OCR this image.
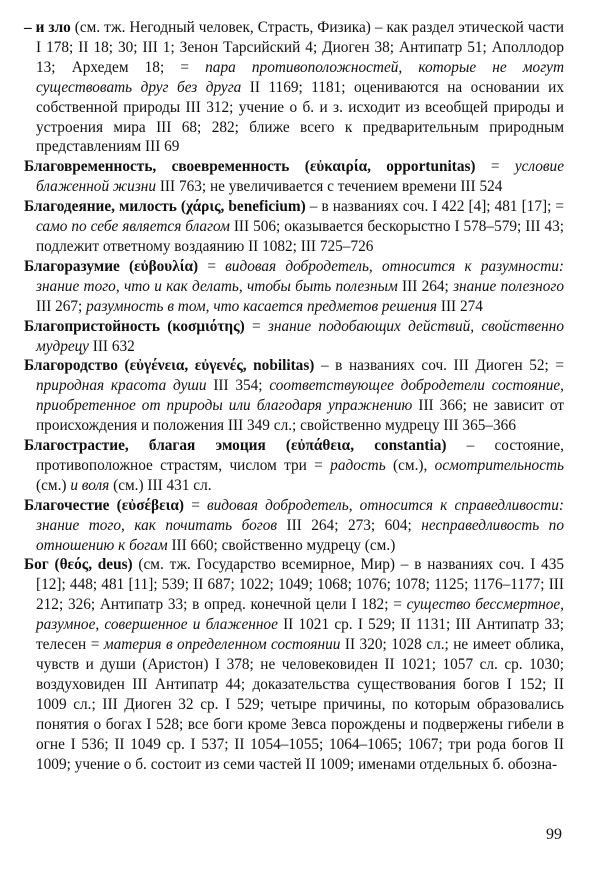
– и зло (см. тж. Негодный человек, Страсть, Физика) – как раздел этической части I 178; II 18; 30; III 1; Зенон Тарсийский 4; Диоген 38; Антипатр 51; Аполлодор 13; Архедем 18; = пара противоположностей, которые не могут существовать друг без друга II 1169; 1181; оцениваются на основании их собственной природы III 312; учение о б. и з. исходит из всеобщей природы и устроения мира III 68; 282; ближе всего к предварительным природным представлениям III 69

Благовременность, своевременность (εὐκαιρία, opportunitas) = условие блаженной жизни III 763; не увеличивается с течением времени III 524

Благодеяние, милость (χάρις, beneficium) – в названиях соч. I 422 [4]; 481 [17]; = само по себе является благом III 506; оказывается бескорыстно I 578–579; III 43; подлежит ответному воздаянию II 1082; III 725–726

Благоразумие (εὐβουλία) = видовая добродетель, относится к разумности: знание того, что и как делать, чтобы быть полезным III 264; знание полезного III 267; разумность в том, что касается предметов решения III 274

Благопристойность (κοσμιότης) = знание подобающих действий, свойственно мудрецу III 632

Благородство (εὐγένεια, εὐγενές, nobilitas) – в названиях соч. III Диоген 52; = природная красота души III 354; соответствующее добродетели состояние, приобретенное от природы или благодаря упражнению III 366; не зависит от происхождения и положения III 349 сл.; свойственно мудрецу III 365–366

Благострастие, благая эмоция (εὐπάθεια, constantia) – состояние, противоположное страстям, числом три = радость (см.), осмотрительность (см.) и воля (см.) III 431 сл.

Благочестие (εὐσέβεια) = видовая добродетель, относится к справедливости: знание того, как почитать богов III 264; 273; 604; несправедливость по отношению к богам III 660; свойственно мудрецу (см.)

Бог (θεός, deus) (см. тж. Государство всемирное, Мир) – в названиях соч. I 435 [12]; 448; 481 [11]; 539; II 687; 1022; 1049; 1068; 1076; 1078; 1125; 1176–1177; III 212; 326; Антипатр 33; в опред. конечной цели I 182; = существо бессмертное, разумное, совершенное и блаженное II 1021 ср. I 529; II 1131; III Антипатр 33; телесен = материя в определенном состоянии II 320; 1028 сл.; не имеет облика, чувств и души (Аристон) I 378; не человековиден II 1021; 1057 сл. ср. 1030; воздуховиден III Антипатр 44; доказательства существования богов I 152; II 1009 сл.; III Диоген 32 ср. I 529; четыре причины, по которым образовались понятия о богах I 528; все боги кроме Зевса порождены и подвержены гибели в огне I 536; II 1049 ср. I 537; II 1054–1055; 1064–1065; 1067; три рода богов II 1009; учение о б. состоит из семи частей II 1009; именами отдельных б. обозна-

99
